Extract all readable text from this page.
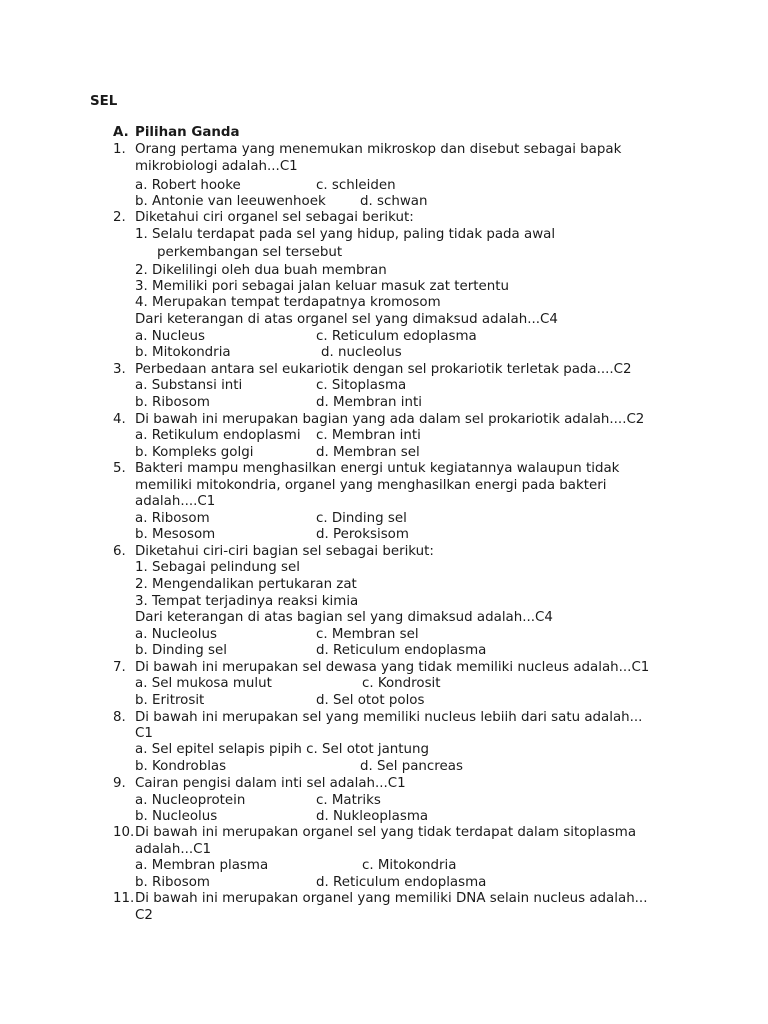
SEL
A. Pilihan Ganda
1. Orang pertama yang menemukan mikroskop dan disebut sebagai bapak
mikrobiologi adalah...C1
a. Robert hooke	c. schleiden
b. Antonie van leeuwenhoek	d. schwan
2. Diketahui ciri organel sel sebagai berikut:
1. Selalu terdapat pada sel yang hidup, paling tidak pada awal
perkembangan sel tersebut
2. Dikelilingi oleh dua buah membran
3. Memiliki pori sebagai jalan keluar masuk zat tertentu
4. Merupakan tempat terdapatnya kromosom
Dari keterangan di atas organel sel yang dimaksud adalah...C4
a. Nucleus	c. Reticulum edoplasma
b. Mitokondria	d. nucleolus
3. Perbedaan antara sel eukariotik dengan sel prokariotik terletak pada....C2
a. Substansi inti	c. Sitoplasma
b. Ribosom	d. Membran inti
4. Di bawah ini merupakan bagian yang ada dalam sel prokariotik adalah....C2
a. Retikulum endoplasmi c. Membran inti
b. Kompleks golgi	d. Membran sel
5. Bakteri mampu menghasilkan energi untuk kegiatannya walaupun tidak
memiliki mitokondria, organel yang menghasilkan energi pada bakteri
adalah....C1
a. Ribosom	c. Dinding sel
b. Mesosom	d. Peroksisom
6. Diketahui ciri-ciri bagian sel sebagai berikut:
1. Sebagai pelindung sel
2. Mengendalikan pertukaran zat
3. Tempat terjadinya reaksi kimia
Dari keterangan di atas bagian sel yang dimaksud adalah...C4
a. Nucleolus	c. Membran sel
b. Dinding sel	d. Reticulum endoplasma
7. Di bawah ini merupakan sel dewasa yang tidak memiliki nucleus adalah...C1
a. Sel mukosa mulut	c. Kondrosit
b. Eritrosit	d. Sel otot polos
8. Di bawah ini merupakan sel yang memiliki nucleus lebiih dari satu adalah...
C1
a. Sel epitel selapis pipih c. Sel otot jantung
b. Kondroblas	d. Sel pancreas
9. Cairan pengisi dalam inti sel adalah...C1
a. Nucleoprotein	c. Matriks
b. Nucleolus	d. Nukleoplasma
10. Di bawah ini merupakan organel sel yang tidak terdapat dalam sitoplasma
adalah...C1
a. Membran plasma	c. Mitokondria
b. Ribosom	d. Reticulum endoplasma
11. Di bawah ini merupakan organel yang memiliki DNA selain nucleus adalah...
C2
